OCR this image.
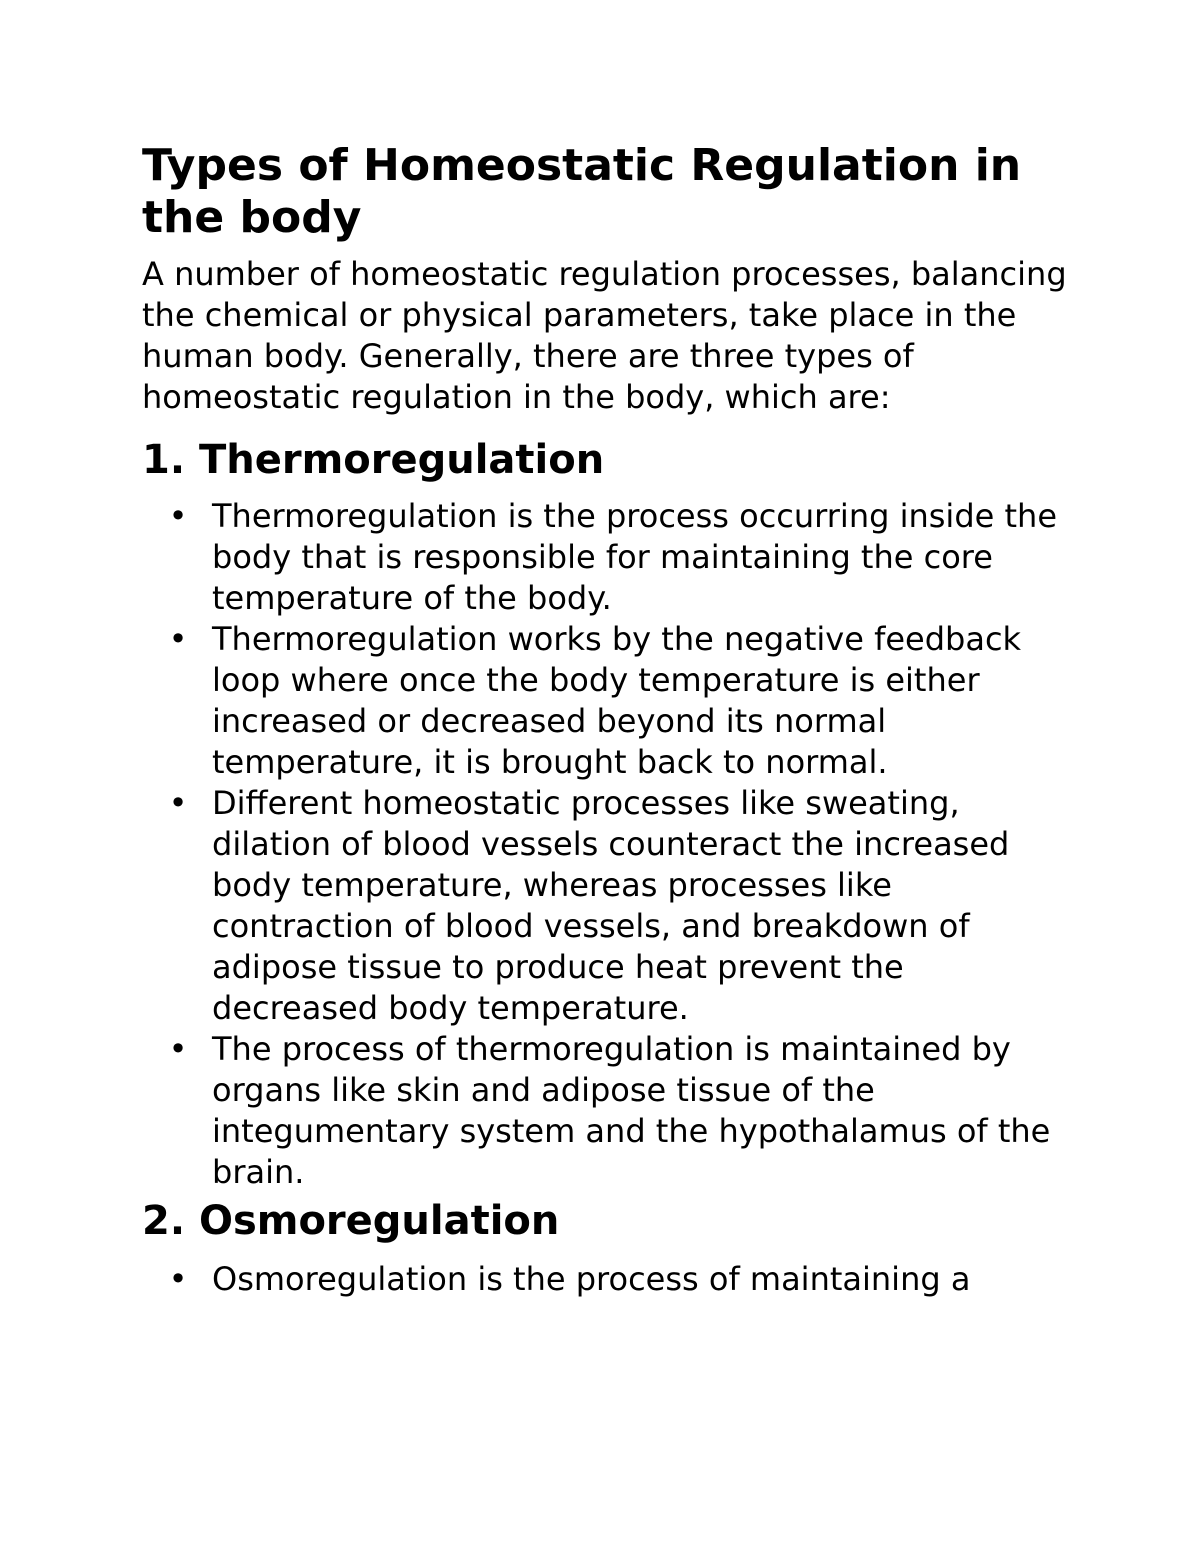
Types of Homeostatic Regulation in the body

A number of homeostatic regulation processes, balancing the chemical or physical parameters, take place in the human body. Generally, there are three types of homeostatic regulation in the body, which are:

1. Thermoregulation
• Thermoregulation is the process occurring inside the body that is responsible for maintaining the core temperature of the body.
• Thermoregulation works by the negative feedback loop where once the body temperature is either increased or decreased beyond its normal temperature, it is brought back to normal.
• Different homeostatic processes like sweating, dilation of blood vessels counteract the increased body temperature, whereas processes like contraction of blood vessels, and breakdown of adipose tissue to produce heat prevent the decreased body temperature.
• The process of thermoregulation is maintained by organs like skin and adipose tissue of the integumentary system and the hypothalamus of the brain.
2. Osmoregulation
• Osmoregulation is the process of maintaining a
